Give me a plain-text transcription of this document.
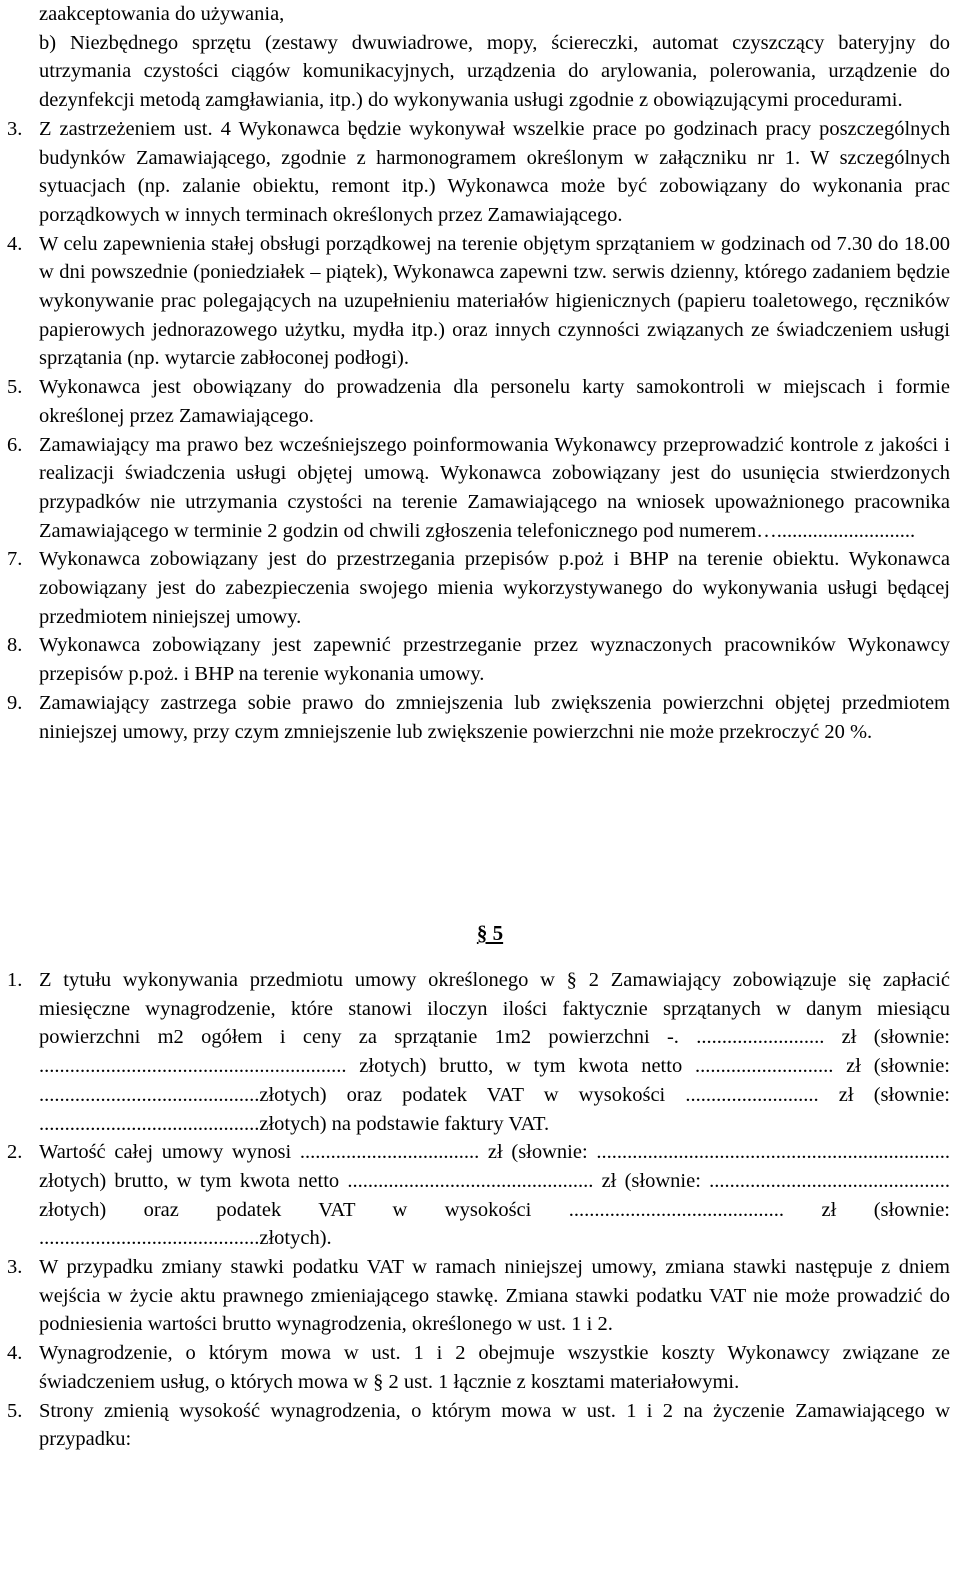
zaakceptowania do używania,

b) Niezbędnego sprzętu (zestawy dwuwiadrowe, mopy, ściereczki, automat czyszczący bateryjny do utrzymania czystości ciągów komunikacyjnych, urządzenia do arylowania, polerowania, urządzenie do dezynfekcji metodą zamgławiania, itp.) do wykonywania usługi zgodnie z obowiązującymi procedurami.

3. Z zastrzeżeniem ust. 4 Wykonawca będzie wykonywał wszelkie prace po godzinach pracy poszczególnych budynków Zamawiającego, zgodnie z harmonogramem określonym w załączniku nr 1. W szczególnych sytuacjach (np. zalanie obiektu, remont itp.) Wykonawca może być zobowiązany do wykonania prac porządkowych w innych terminach określonych przez Zamawiającego.

4. W celu zapewnienia stałej obsługi porządkowej na terenie objętym sprzątaniem w godzinach od 7.30 do 18.00 w dni powszednie (poniedziałek – piątek), Wykonawca zapewni tzw. serwis dzienny, którego zadaniem będzie wykonywanie prac polegających na uzupełnieniu materiałów higienicznych (papieru toaletowego, ręczników papierowych jednorazowego użytku, mydła itp.) oraz innych czynności związanych ze świadczeniem usługi sprzątania (np. wytarcie zabłoconej podłogi).

5. Wykonawca jest obowiązany do prowadzenia dla personelu karty samokontroli w miejscach i formie określonej przez Zamawiającego.

6. Zamawiający ma prawo bez wcześniejszego poinformowania Wykonawcy przeprowadzić kontrole z jakości i realizacji świadczenia usługi objętej umową. Wykonawca zobowiązany jest do usunięcia stwierdzonych przypadków nie utrzymania czystości na terenie Zamawiającego na wniosek upoważnionego pracownika Zamawiającego w terminie 2 godzin od chwili zgłoszenia telefonicznego pod numerem…...........................

7. Wykonawca zobowiązany jest do przestrzegania przepisów p.poż i BHP na terenie obiektu. Wykonawca zobowiązany jest do zabezpieczenia swojego mienia wykorzystywanego do wykonywania usługi będącej przedmiotem niniejszej umowy.

8. Wykonawca zobowiązany jest zapewnić przestrzeganie przez wyznaczonych pracowników Wykonawcy przepisów p.poż. i BHP na terenie wykonania umowy.

9. Zamawiający zastrzega sobie prawo do zmniejszenia lub zwiększenia powierzchni objętej przedmiotem niniejszej umowy, przy czym zmniejszenie lub zwiększenie powierzchni nie może przekroczyć 20 %.

§ 5
1. Z tytułu wykonywania przedmiotu umowy określonego w § 2 Zamawiający zobowiązuje się zapłacić miesięczne wynagrodzenie, które stanowi iloczyn ilości faktycznie sprzątanych w danym miesiącu powierzchni m2 ogółem i ceny za sprzątanie 1m2 powierzchni -. ......................... zł (słownie: ............................................................ złotych) brutto, w tym kwota netto ........................... zł (słownie: ...........................................złotych) oraz podatek VAT w wysokości .......................... zł (słownie: ...........................................złotych) na podstawie faktury VAT.

2. Wartość całej umowy wynosi ................................... zł (słownie: ..................................................................... złotych) brutto, w tym kwota netto ................................................ zł (słownie: ............................................... złotych) oraz podatek VAT w wysokości .......................................... zł (słownie: ...........................................złotych).

3. W przypadku zmiany stawki podatku VAT w ramach niniejszej umowy, zmiana stawki następuje z dniem wejścia w życie aktu prawnego zmieniającego stawkę. Zmiana stawki podatku VAT nie może prowadzić do podniesienia wartości brutto wynagrodzenia, określonego w ust. 1 i 2.

4. Wynagrodzenie, o którym mowa w ust. 1 i 2 obejmuje wszystkie koszty Wykonawcy związane ze świadczeniem usług, o których mowa w § 2 ust. 1 łącznie z kosztami materiałowymi.

5. Strony zmienią wysokość wynagrodzenia, o którym mowa w ust. 1 i 2 na życzenie Zamawiającego w przypadku:
